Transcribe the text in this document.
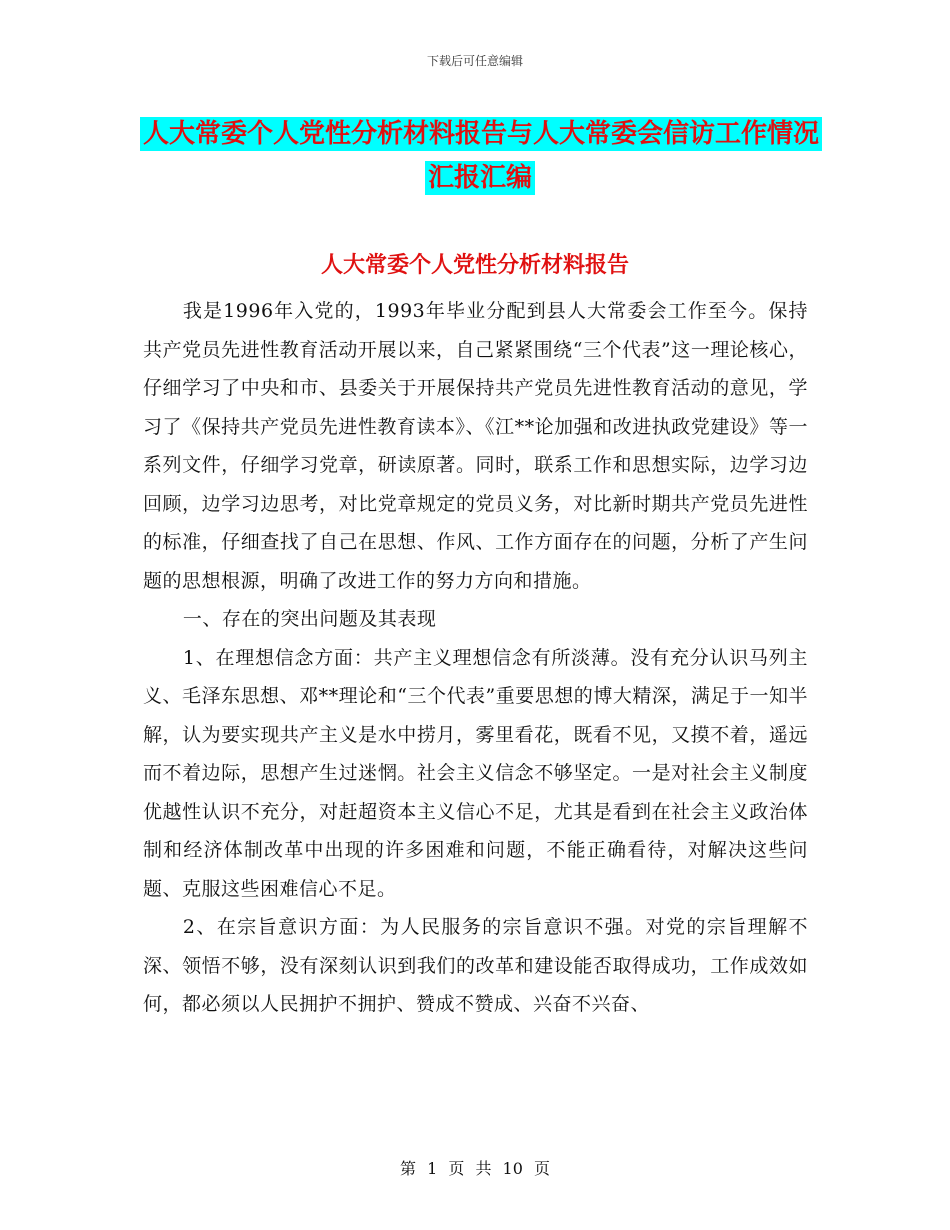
下载后可任意编辑
人大常委个人党性分析材料报告与人大常委会信访工作情况汇报汇编
人大常委个人党性分析材料报告

我是1996年入党的，1993年毕业分配到县人大常委会工作至今。保持共产党员先进性教育活动开展以来，自己紧紧围绕“三个代表”这一理论核心，仔细学习了中央和市、县委关于开展保持共产党员先进性教育活动的意见，学习了《保持共产党员先进性教育读本》、《江**论加强和改进执政党建设》等一系列文件，仔细学习党章，研读原著。同时，联系工作和思想实际，边学习边回顾，边学习边思考，对比党章规定的党员义务，对比新时期共产党员先进性的标准，仔细查找了自己在思想、作风、工作方面存在的问题，分析了产生问题的思想根源，明确了改进工作的努力方向和措施。

一、存在的突出问题及其表现

1、在理想信念方面：共产主义理想信念有所淡薄。没有充分认识马列主义、毛泽东思想、邓**理论和“三个代表”重要思想的博大精深，满足于一知半解，认为要实现共产主义是水中捞月，雾里看花，既看不见，又摸不着，遥远而不着边际，思想产生过迷惘。社会主义信念不够坚定。一是对社会主义制度优越性认识不充分，对赶超资本主义信心不足，尤其是看到在社会主义政治体制和经济体制改革中出现的许多困难和问题，不能正确看待，对解决这些问题、克服这些困难信心不足。

2、在宗旨意识方面：为人民服务的宗旨意识不强。对党的宗旨理解不深、领悟不够，没有深刻认识到我们的改革和建设能否取得成功，工作成效如何，都必须以人民拥护不拥护、赞成不赞成、兴奋不兴奋、

第 1 页 共 10 页
